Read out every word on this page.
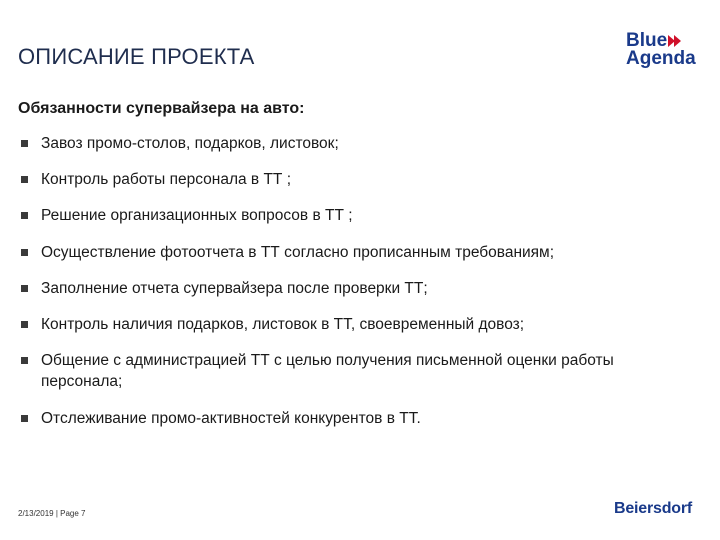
ОПИСАНИЕ ПРОЕКТА
Blue
Agenda
Обязанности супервайзера на авто:
Завоз промо-столов, подарков, листовок;
Контроль работы персонала в ТТ ;
Решение организационных вопросов в ТТ ;
Осуществление фотоотчета в ТТ согласно прописанным требованиям;
Заполнение отчета супервайзера после проверки ТТ;
Контроль наличия подарков, листовок в ТТ, своевременный довоз;
Общение с администрацией ТТ с целью получения письменной оценки работы персонала;
Отслеживание промо-активностей конкурентов в ТТ.
2/13/2019 | Page 7	Beiersdorf
